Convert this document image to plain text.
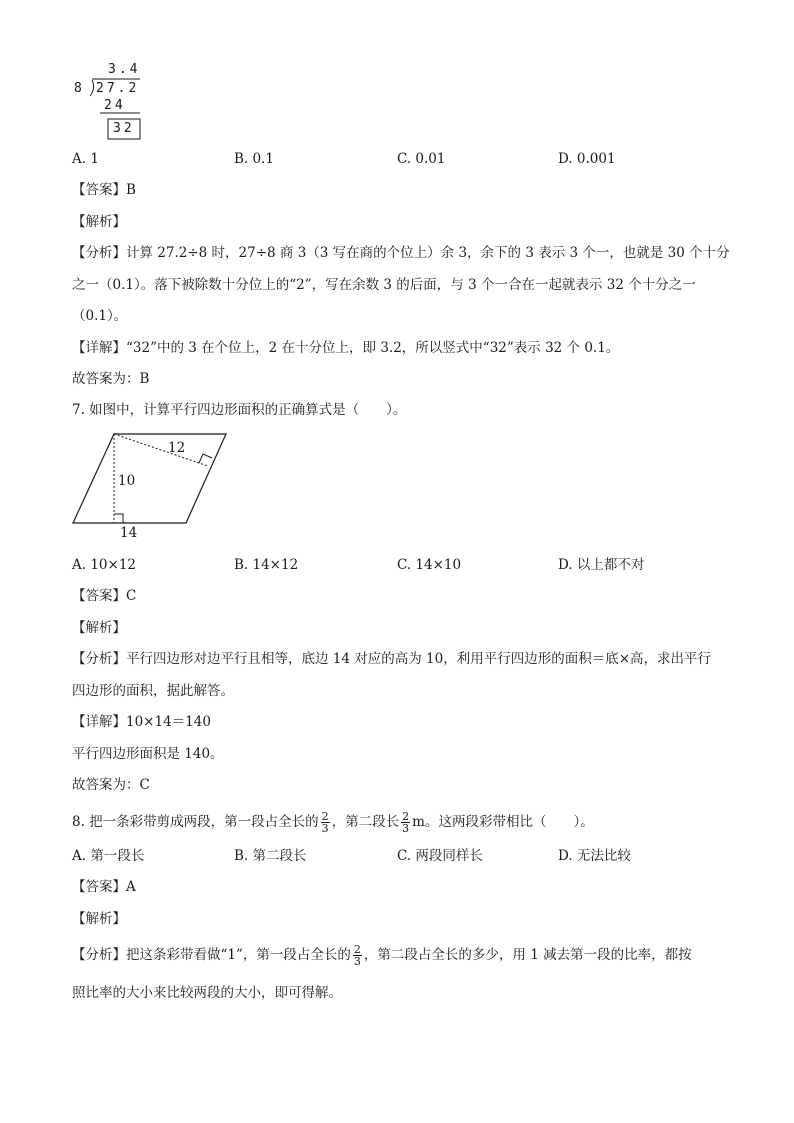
3.4
8 27.2
24
32
A. 1	B. 0.1	C. 0.01	D. 0.001
【答案】B
【解析】
【分析】计算 27.2÷8 时，27÷8 商 3（3 写在商的个位上）余 3，余下的 3 表示 3 个一，也就是 30 个十分
之一（0.1）。落下被除数十分位上的“2”，写在余数 3 的后面，与 3 个一合在一起就表示 32 个十分之一
（0.1）。
【详解】“32”中的 3 在个位上，2 在十分位上，即 3.2，所以竖式中“32”表示 32 个 0.1。
故答案为：B
7. 如图中，计算平行四边形面积的正确算式是（　　）。
12
10
14
A. 10×12	B. 14×12	C. 14×10	D. 以上都不对
【答案】C
【解析】
【分析】平行四边形对边平行且相等，底边 14 对应的高为 10，利用平行四边形的面积＝底×高，求出平行
四边形的面积，据此解答。
【详解】10×14＝140
平行四边形面积是 140。
故答案为：C
8. 把一条彩带剪成两段，第一段占全长的 $\frac{2}{3}$ ，第二段长 $\frac{2}{3}$ m。这两段彩带相比（　　）。
A. 第一段长	B. 第二段长	C. 两段同样长	D. 无法比较
【答案】A
【解析】
【分析】把这条彩带看做“1”，第一段占全长的 $\frac{2}{3}$ ，第二段占全长的多少，用 1 减去第一段的比率，都按
照比率的大小来比较两段的大小，即可得解。
